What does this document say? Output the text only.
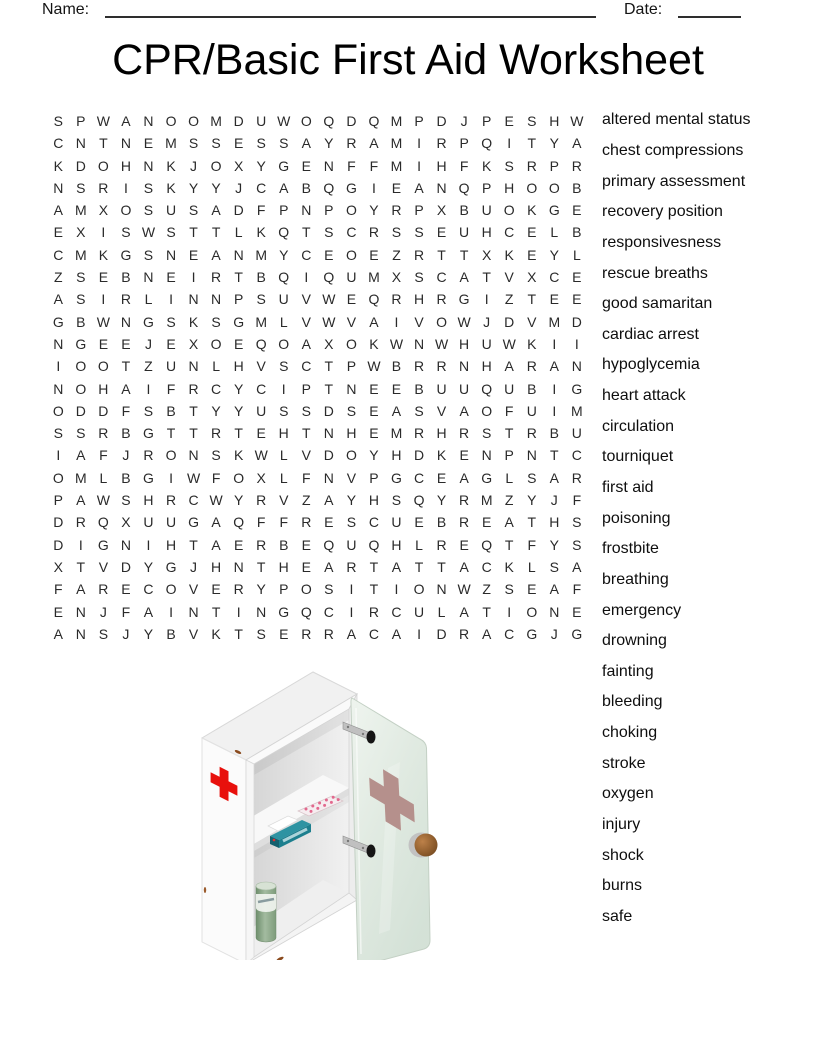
Name:	Date:
CPR/Basic First Aid Worksheet
S P W A N O O M D U W O Q D Q M P D J	P E S H W
C N T N E M S S E S S A Y R A M	I	R P Q	I	T Y A
K D O H N K	J O X Y G E N F F M	I	H F K S R P R
N S R	I	S K Y Y	J C A B Q G	I	E A N Q P H O O B
A M X O S U S A D F P N P O Y R P X B U O K G E
E X	I	S W S T T	L K Q T S C R S S E U H C E L B
C M K G S N E A N M Y C E O E Z R T T X K E Y L
Z S E B N E	I	R T B Q	I	Q U M X S C A T V X C E
A S	I	R L	I	N N P S U V W E Q R H R G	I	Z T E E
G B W N G S K S G M L V W V A	I	V O W J D V M D
N G E E	J	E X O E Q O A X O K W N W H U W K	I	I
I	O O T Z U N L H V S C T P W B R R N H A R A N
N O H A	I	F R C Y C	I	P T N E E B U U Q U B	I	G
O D D F S B T Y Y U S S D S E A S V A O F U	I	M
S S R B G T T R T E H T N H E M R H R S T R B U
I	A F	J R O N S K W L V D O Y H D K E N P N T C
O M L B G	I W F O X L	F N V P G C E A G L S A R
P A W S H R C W Y R V Z A Y H S Q Y R M Z Y	J	F
D R Q X U U G A Q F F R E S C U E B R E A T H S
D	I	G N	I	H T A E R B E Q U Q H L R E Q T F Y S
X T V D Y G J H N T H E A R T A T T A C K L S A
F A R E C O V E R Y P O S	I	T	I	O N W Z S E A F
E N J	F A	I	N T	I	N G Q C	I	R C U L A T	I	O N E
A N S	J	Y B V K T S E R R A C A	I	D R A C G J G
altered mental status
chest compressions
primary assessment
recovery position
responsivesness
rescue breaths
good samaritan
cardiac arrest
hypoglycemia
heart attack
circulation
tourniquet
first aid
poisoning
frostbite
breathing
emergency
drowning
fainting
bleeding
choking
stroke
oxygen
injury
shock
burns
safe
